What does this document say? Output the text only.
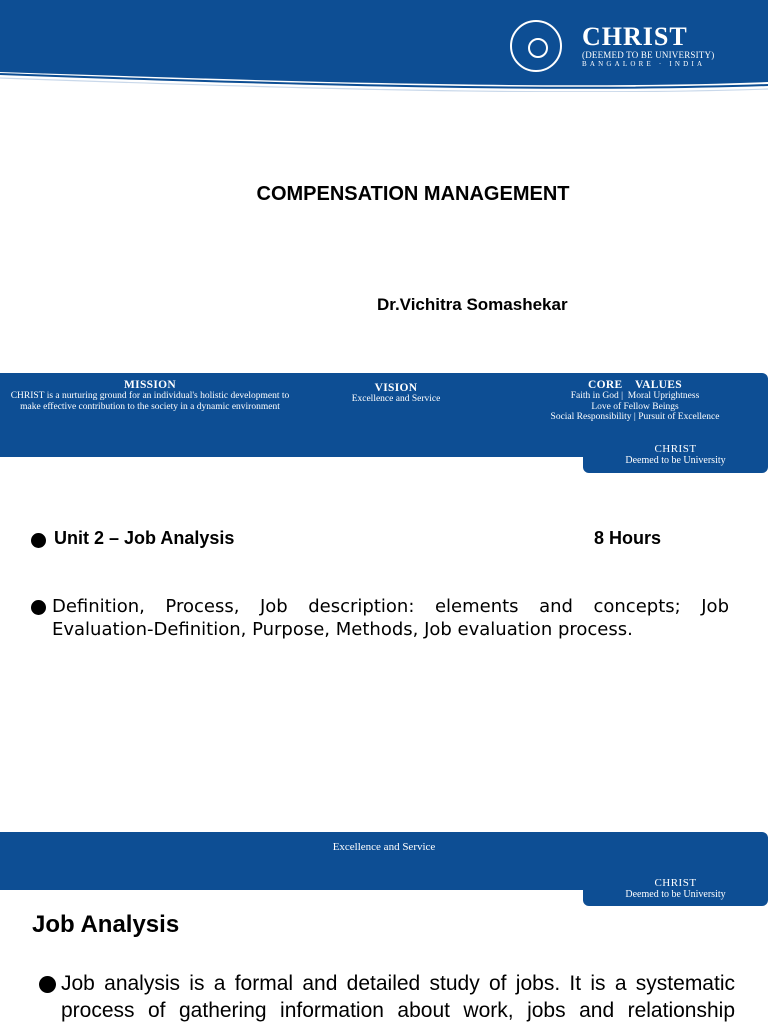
CHRIST
(DEEMED TO BE UNIVERSITY)
BANGALORE · INDIA
COMPENSATION MANAGEMENT
Dr.Vichitra Somashekar
MISSION
CHRIST is a nurturing ground for an individual's holistic development to make effective contribution to the society in a dynamic environment
VISION
Excellence and Service
CORE    VALUES
Faith in God |  Moral Uprightness
Love of Fellow Beings
Social Responsibility | Pursuit of Excellence
CHRIST
Deemed to be University
Unit 2 – Job Analysis	8 Hours
Definition, Process, Job description: elements and concepts; Job Evaluation-Definition, Purpose, Methods, Job evaluation process.
Excellence and Service
CHRIST
Deemed to be University
Job Analysis
Job analysis is a formal and detailed study of jobs. It is a systematic process of gathering information about work, jobs and relationship
